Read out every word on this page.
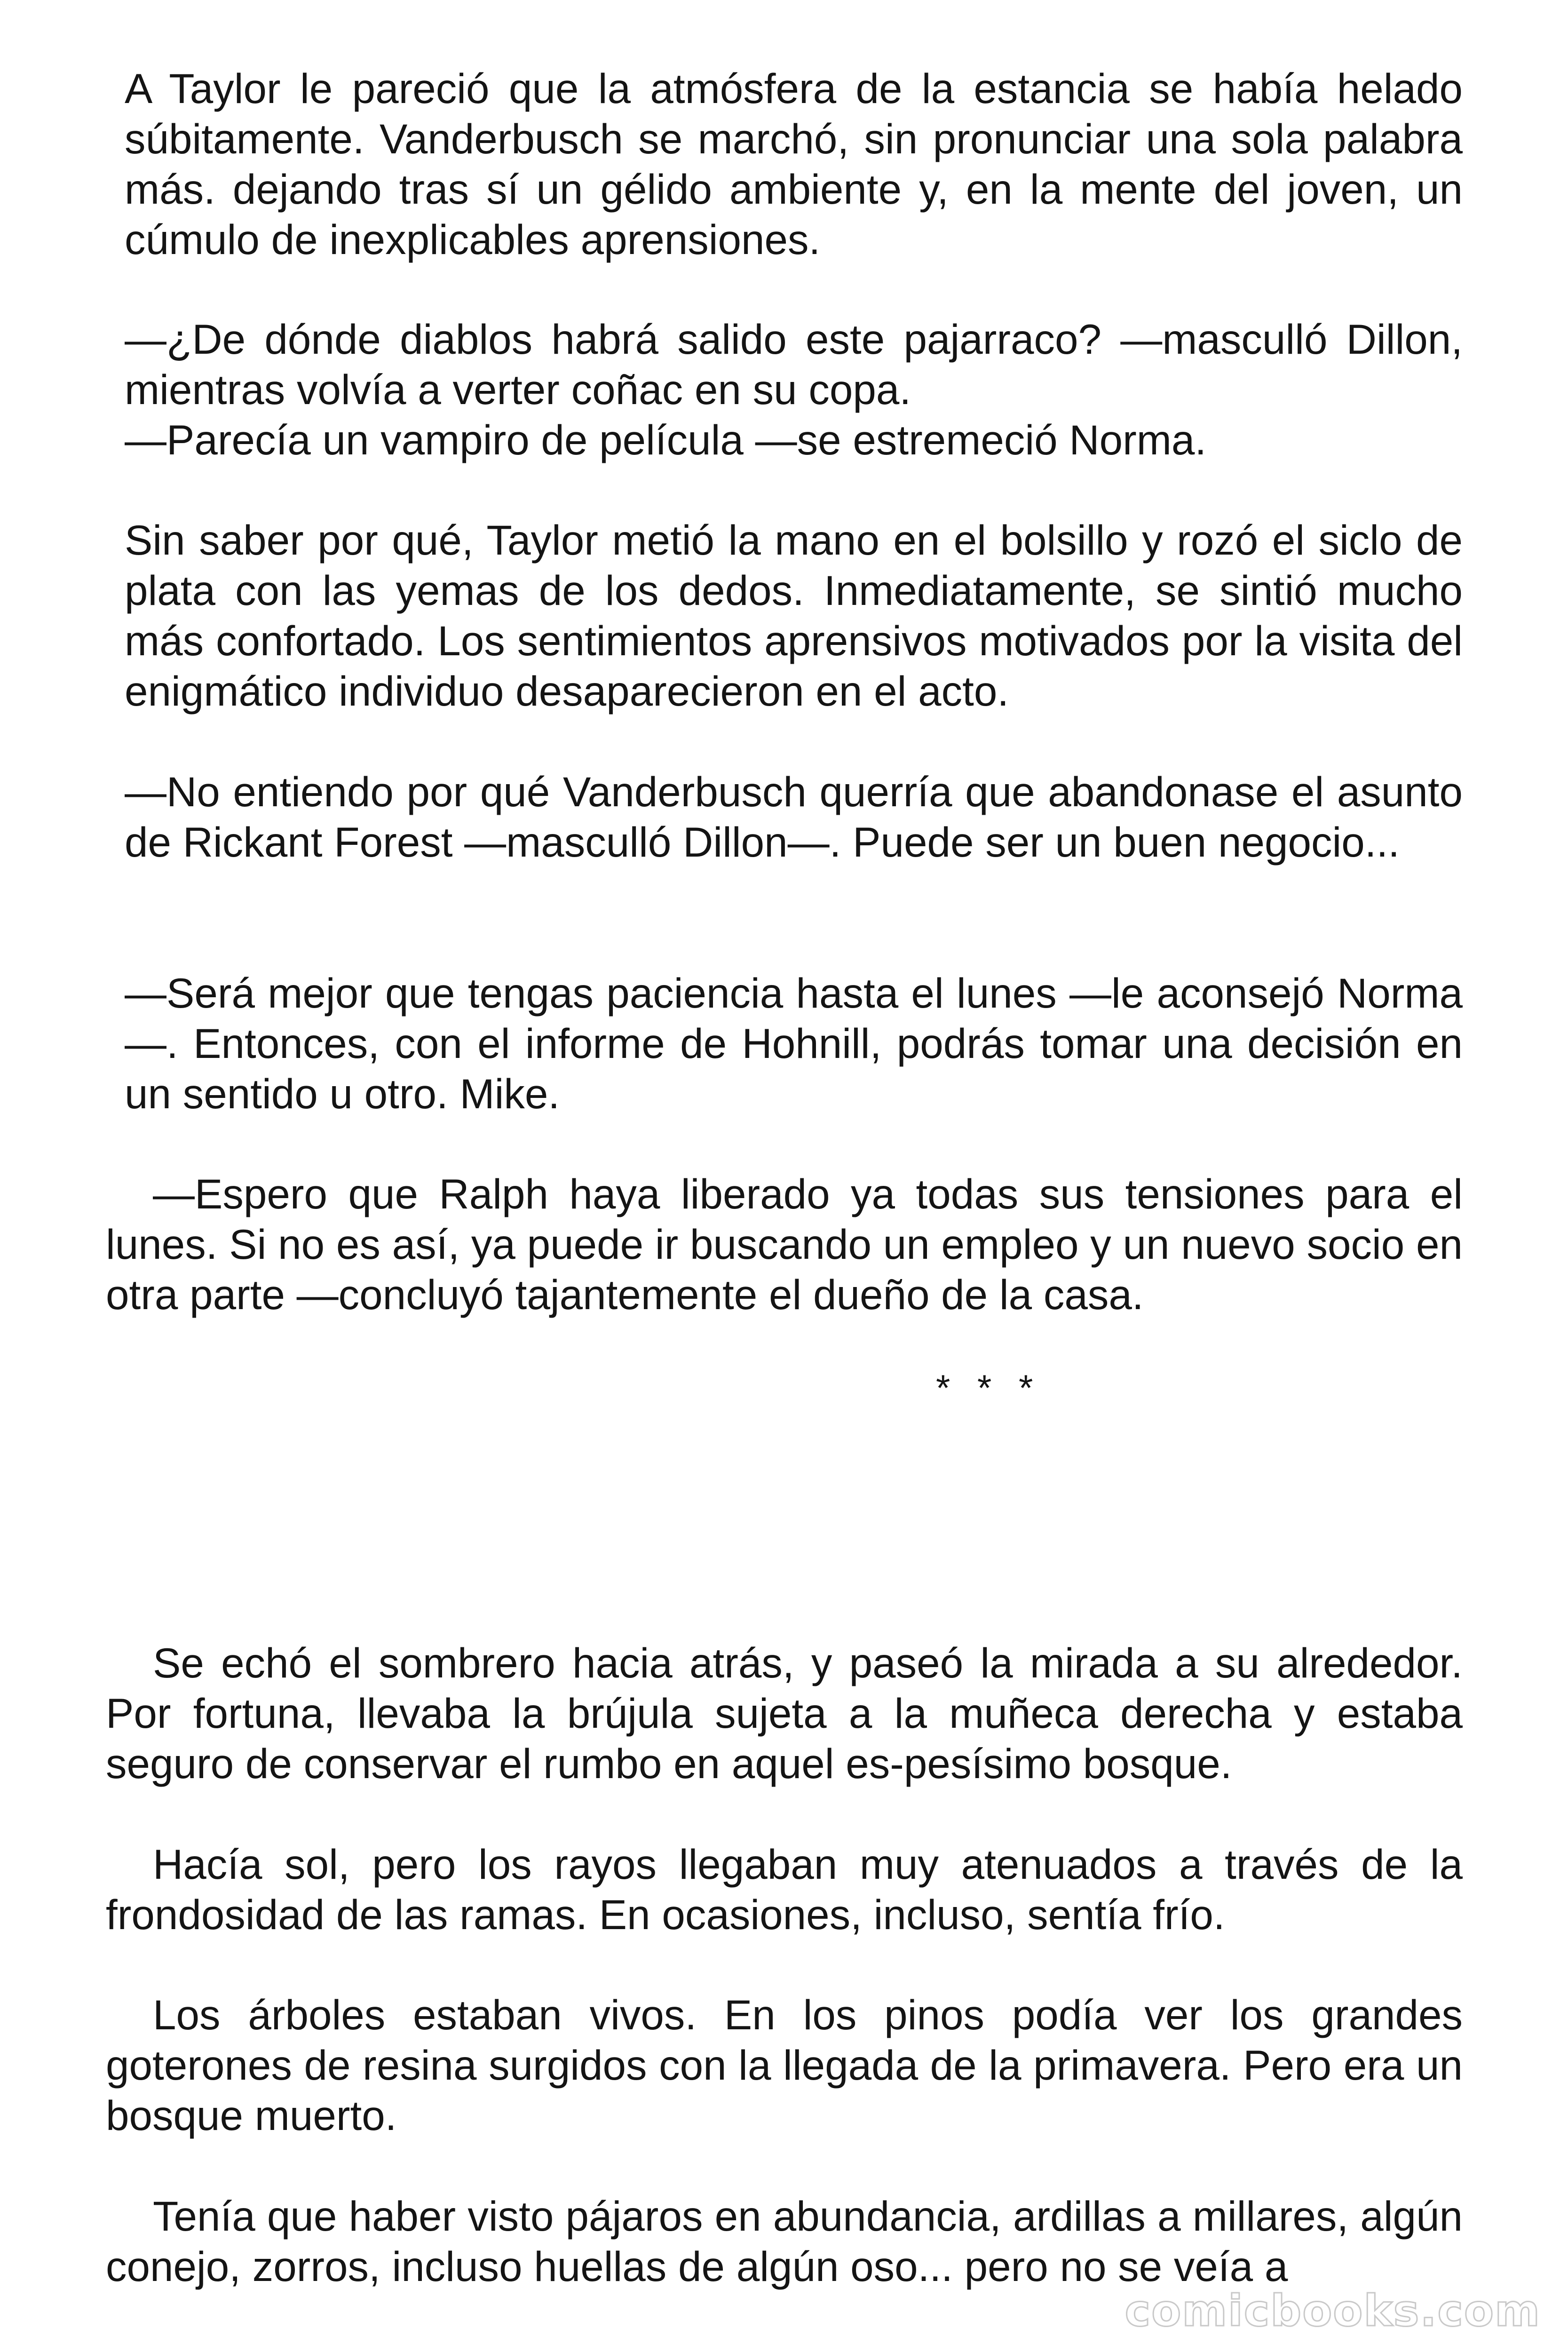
A Taylor le pareció que la atmósfera de la estancia se había helado súbitamente. Vanderbusch se marchó, sin pronunciar una sola palabra más. dejando tras sí un gélido ambiente y, en la mente del joven, un cúmulo de inexplicables aprensiones.

—¿De dónde diablos habrá salido este pajarraco? —masculló Dillon, mientras volvía a verter coñac en su copa.

—Parecía un vampiro de película —se estremeció Norma.

Sin saber por qué, Taylor metió la mano en el bolsillo y rozó el siclo de plata con las yemas de los dedos. Inmediatamente, se sintió mucho más confortado. Los sentimientos aprensivos motivados por la visita del enigmático individuo desaparecieron en el acto.

—No entiendo por qué Vanderbusch querría que abandonase el asunto de Rickant Forest —masculló Dillon—. Puede ser un buen negocio...

—Será mejor que tengas paciencia hasta el lunes —le aconsejó Norma—. Entonces, con el informe de Hohnill, podrás tomar una decisión en un sentido u otro. Mike.

—Espero que Ralph haya liberado ya todas sus tensiones para el lunes. Si no es así, ya puede ir buscando un empleo y un nuevo socio en otra parte —concluyó tajantemente el dueño de la casa.

* * *

Se echó el sombrero hacia atrás, y paseó la mirada a su alrededor. Por fortuna, llevaba la brújula sujeta a la muñeca derecha y estaba seguro de conservar el rumbo en aquel es-pesísimo bosque.

Hacía sol, pero los rayos llegaban muy atenuados a través de la frondosidad de las ramas. En ocasiones, incluso, sentía frío.

Los árboles estaban vivos. En los pinos podía ver los grandes goterones de resina surgidos con la llegada de la primavera. Pero era un bosque muerto.

Tenía que haber visto pájaros en abundancia, ardillas a millares, algún conejo, zorros, incluso huellas de algún oso... pero no se veía a

comicbooks.com
